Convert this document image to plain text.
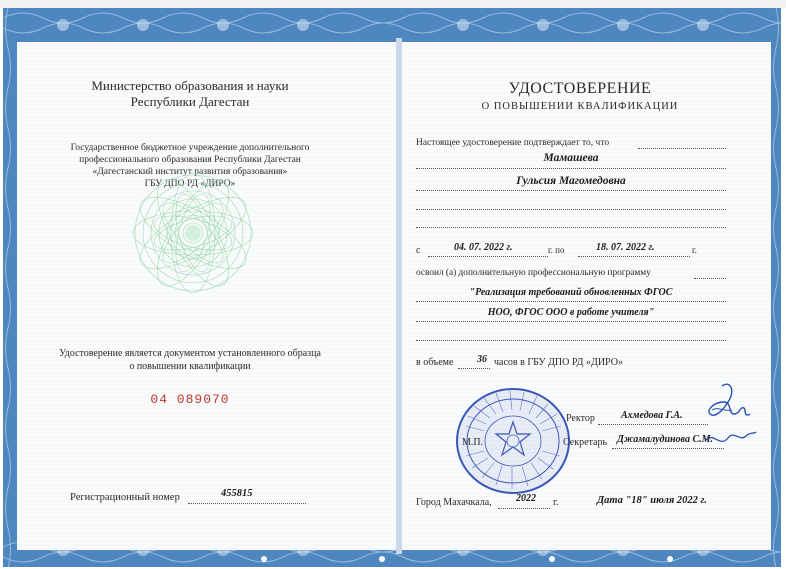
Министерство образования и науки
Республики Дагестан
Государственное бюджетное учреждение дополнительного
профессионального образования Республики Дагестан
«Дагестанский институт развития образования»
ГБУ ДПО РД «ДИРО»
Удостоверение является документом установленного образца
о повышении квалификации
04 089070
Регистрационный номер	455815
УДОСТОВЕРЕНИЕ
О ПОВЫШЕНИИ КВАЛИФИКАЦИИ
Настоящее удостоверение подтверждает то, что
Мамашева
Гульсия Магомедовна
с	04. 07. 2022 г.	г. по	18. 07. 2022 г.	г.
освоил (а) дополнительную профессиональную программу
"Реализация требований обновленных ФГОС
НОО, ФГОС ООО в работе учителя"
в объеме 36 часов в ГБУ ДПО РД «ДИРО»
Ректор	Ахмедова Г.А.
М.П.	Секретарь Джамалудинова С.М.
Город Махачкала, 2022 г.	Дата "18" июля 2022 г.
